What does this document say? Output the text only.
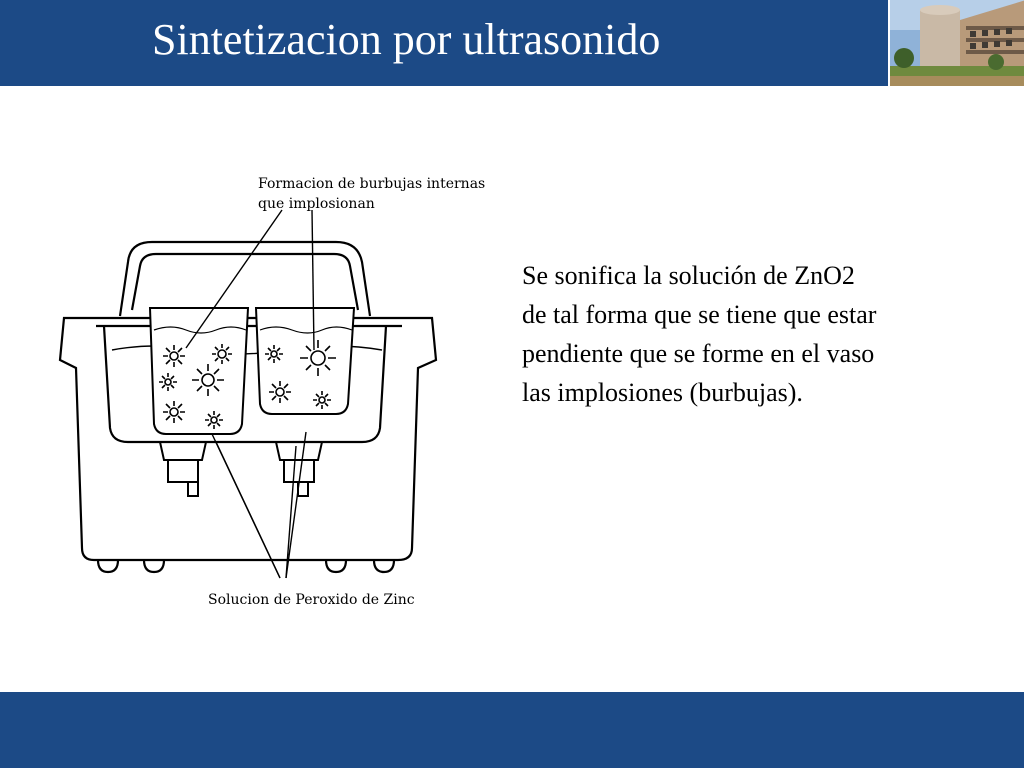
Sintetizacion por ultrasonido
Formacion de burbujas internas
que implosionan
Solucion de Peroxido de Zinc
Se sonifica la solución de ZnO2
de tal forma que se tiene que estar
pendiente que se forme en el vaso
las implosiones (burbujas).
